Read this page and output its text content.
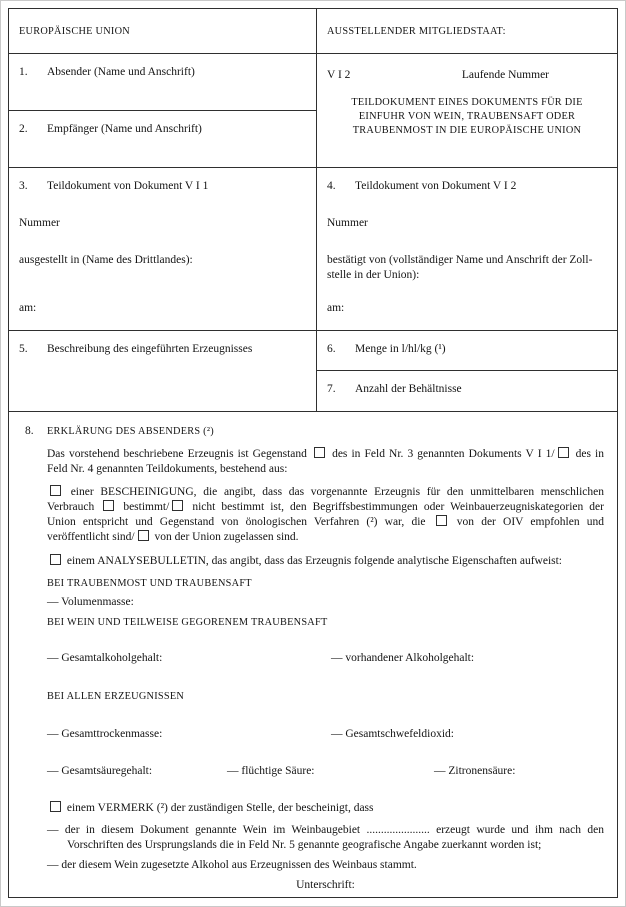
EUROPÄISCHE UNION	AUSSTELLENDER MITGLIEDSTAAT:
1.	Absender (Name und Anschrift)
2.	Empfänger (Name und Anschrift)
V I 2	Laufende Nummer
TEILDOKUMENT EINES DOKUMENTS FÜR DIE EINFUHR VON WEIN, TRAUBENSAFT ODER TRAUBENMOST IN DIE EUROPÄISCHE UNION
3.	Teildokument von Dokument V I 1
Nummer
ausgestellt in (Name des Drittlandes):
am:
4.	Teildokument von Dokument V I 2
Nummer
bestätigt von (vollständiger Name und Anschrift der Zoll-
stelle in der Union):
am:
5.	Beschreibung des eingeführten Erzeugnisses	6.	Menge in l/hl/kg (¹)
7.	Anzahl der Behältnisse
8.	ERKLÄRUNG DES ABSENDERS (²)
Das vorstehend beschriebene Erzeugnis ist Gegenstand  des in Feld Nr. 3 genannten Dokuments V I 1/ des in Feld Nr. 4 genannten Teildokuments, bestehend aus:
einer BESCHEINIGUNG, die angibt, dass das vorgenannte Erzeugnis für den unmittelbaren menschlichen Verbrauch  bestimmt/ nicht bestimmt ist, den Begriffsbestimmungen oder Weinbauerzeugniskategorien der Union entspricht und Gegenstand von önologischen Verfahren (²) war, die  von der OIV empfohlen und veröffentlicht sind/ von der Union zugelassen sind.
einem ANALYSEBULLETIN, das angibt, dass das Erzeugnis folgende analytische Eigenschaften aufweist:
BEI TRAUBENMOST UND TRAUBENSAFT
— Volumenmasse:
BEI WEIN UND TEILWEISE GEGORENEM TRAUBENSAFT
— Gesamtalkoholgehalt:	— vorhandener Alkoholgehalt:
BEI ALLEN ERZEUGNISSEN
— Gesamttrockenmasse:	— Gesamtschwefeldioxid:
— Gesamtsäuregehalt:	— flüchtige Säure:	— Zitronensäure:
einem VERMERK (²) der zuständigen Stelle, der bescheinigt, dass
— der in diesem Dokument genannte Wein im Weinbaugebiet ...................... erzeugt wurde und ihm nach den Vorschriften des Ursprungslands die in Feld Nr. 5 genannte geografische Angabe zuerkannt worden ist;
— der diesem Wein zugesetzte Alkohol aus Erzeugnissen des Weinbaus stammt.
Unterschrift:
